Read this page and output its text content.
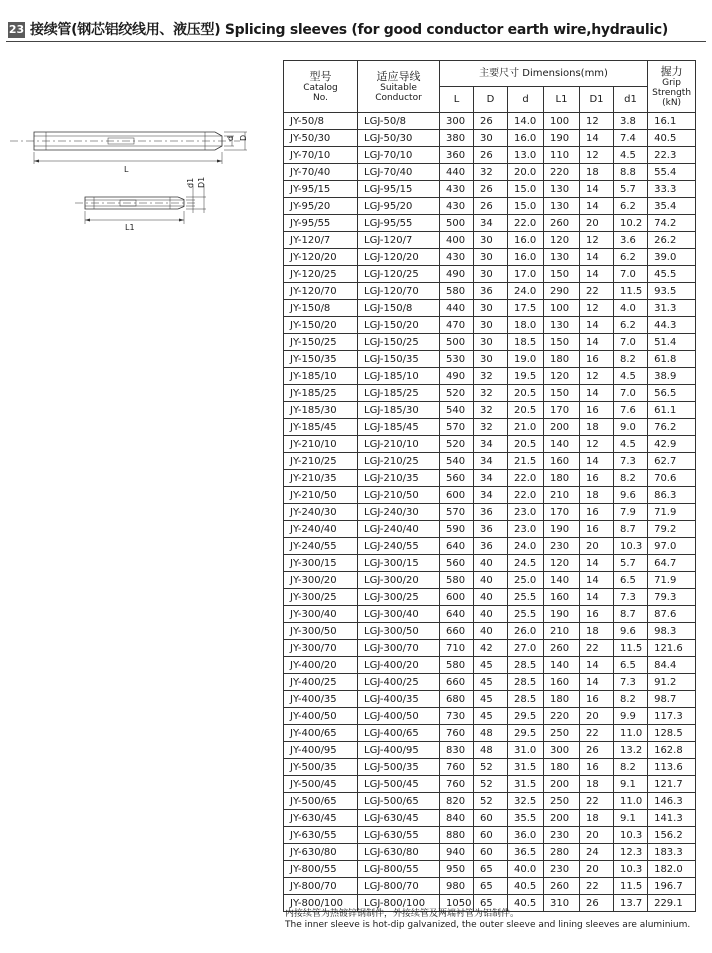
23 接续管(钢芯铝绞线用、液压型) Splicing sleeves (for good conductor earth wire,hydraulic)
L
L1
d D
d1 D1
型号
Catalog
No.	适应导线
Suitable
Conductor	主要尺寸 Dimensions(mm)						握力
Grip
Strength
(kN)

		L	D	d	L1	D1	d1	
JY-50/8	LGJ-50/8	300	26	14.0	100	12	3.8	16.1
JY-50/30	LGJ-50/30	380	30	16.0	190	14	7.4	40.5
JY-70/10	LGJ-70/10	360	26	13.0	110	12	4.5	22.3
JY-70/40	LGJ-70/40	440	32	20.0	220	18	8.8	55.4
JY-95/15	LGJ-95/15	430	26	15.0	130	14	5.7	33.3
JY-95/20	LGJ-95/20	430	26	15.0	130	14	6.2	35.4
JY-95/55	LGJ-95/55	500	34	22.0	260	20	10.2	74.2
JY-120/7	LGJ-120/7	400	30	16.0	120	12	3.6	26.2
JY-120/20	LGJ-120/20	430	30	16.0	130	14	6.2	39.0
JY-120/25	LGJ-120/25	490	30	17.0	150	14	7.0	45.5
JY-120/70	LGJ-120/70	580	36	24.0	290	22	11.5	93.5
JY-150/8	LGJ-150/8	440	30	17.5	100	12	4.0	31.3
JY-150/20	LGJ-150/20	470	30	18.0	130	14	6.2	44.3
JY-150/25	LGJ-150/25	500	30	18.5	150	14	7.0	51.4
JY-150/35	LGJ-150/35	530	30	19.0	180	16	8.2	61.8
JY-185/10	LGJ-185/10	490	32	19.5	120	12	4.5	38.9
JY-185/25	LGJ-185/25	520	32	20.5	150	14	7.0	56.5
JY-185/30	LGJ-185/30	540	32	20.5	170	16	7.6	61.1
JY-185/45	LGJ-185/45	570	32	21.0	200	18	9.0	76.2
JY-210/10	LGJ-210/10	520	34	20.5	140	12	4.5	42.9
JY-210/25	LGJ-210/25	540	34	21.5	160	14	7.3	62.7
JY-210/35	LGJ-210/35	560	34	22.0	180	16	8.2	70.6
JY-210/50	LGJ-210/50	600	34	22.0	210	18	9.6	86.3
JY-240/30	LGJ-240/30	570	36	23.0	170	16	7.9	71.9
JY-240/40	LGJ-240/40	590	36	23.0	190	16	8.7	79.2
JY-240/55	LGJ-240/55	640	36	24.0	230	20	10.3	97.0
JY-300/15	LGJ-300/15	560	40	24.5	120	14	5.7	64.7
JY-300/20	LGJ-300/20	580	40	25.0	140	14	6.5	71.9
JY-300/25	LGJ-300/25	600	40	25.5	160	14	7.3	79.3
JY-300/40	LGJ-300/40	640	40	25.5	190	16	8.7	87.6
JY-300/50	LGJ-300/50	660	40	26.0	210	18	9.6	98.3
JY-300/70	LGJ-300/70	710	42	27.0	260	22	11.5	121.6
JY-400/20	LGJ-400/20	580	45	28.5	140	14	6.5	84.4
JY-400/25	LGJ-400/25	660	45	28.5	160	14	7.3	91.2
JY-400/35	LGJ-400/35	680	45	28.5	180	16	8.2	98.7
JY-400/50	LGJ-400/50	730	45	29.5	220	20	9.9	117.3
JY-400/65	LGJ-400/65	760	48	29.5	250	22	11.0	128.5
JY-400/95	LGJ-400/95	830	48	31.0	300	26	13.2	162.8
JY-500/35	LGJ-500/35	760	52	31.5	180	16	8.2	113.6
JY-500/45	LGJ-500/45	760	52	31.5	200	18	9.1	121.7
JY-500/65	LGJ-500/65	820	52	32.5	250	22	11.0	146.3
JY-630/45	LGJ-630/45	840	60	35.5	200	18	9.1	141.3
JY-630/55	LGJ-630/55	880	60	36.0	230	20	10.3	156.2
JY-630/80	LGJ-630/80	940	60	36.5	280	24	12.3	183.3
JY-800/55	LGJ-800/55	950	65	40.0	230	20	10.3	182.0
JY-800/70	LGJ-800/70	980	65	40.5	260	22	11.5	196.7
JY-800/100	LGJ-800/100	1050	65	40.5	310	26	13.7	229.1
内接续管为热镀锌钢制件，外接续管及两端衬管为铝制件。
The inner sleeve is hot-dip galvanized, the outer sleeve and lining sleeves are aluminium.
